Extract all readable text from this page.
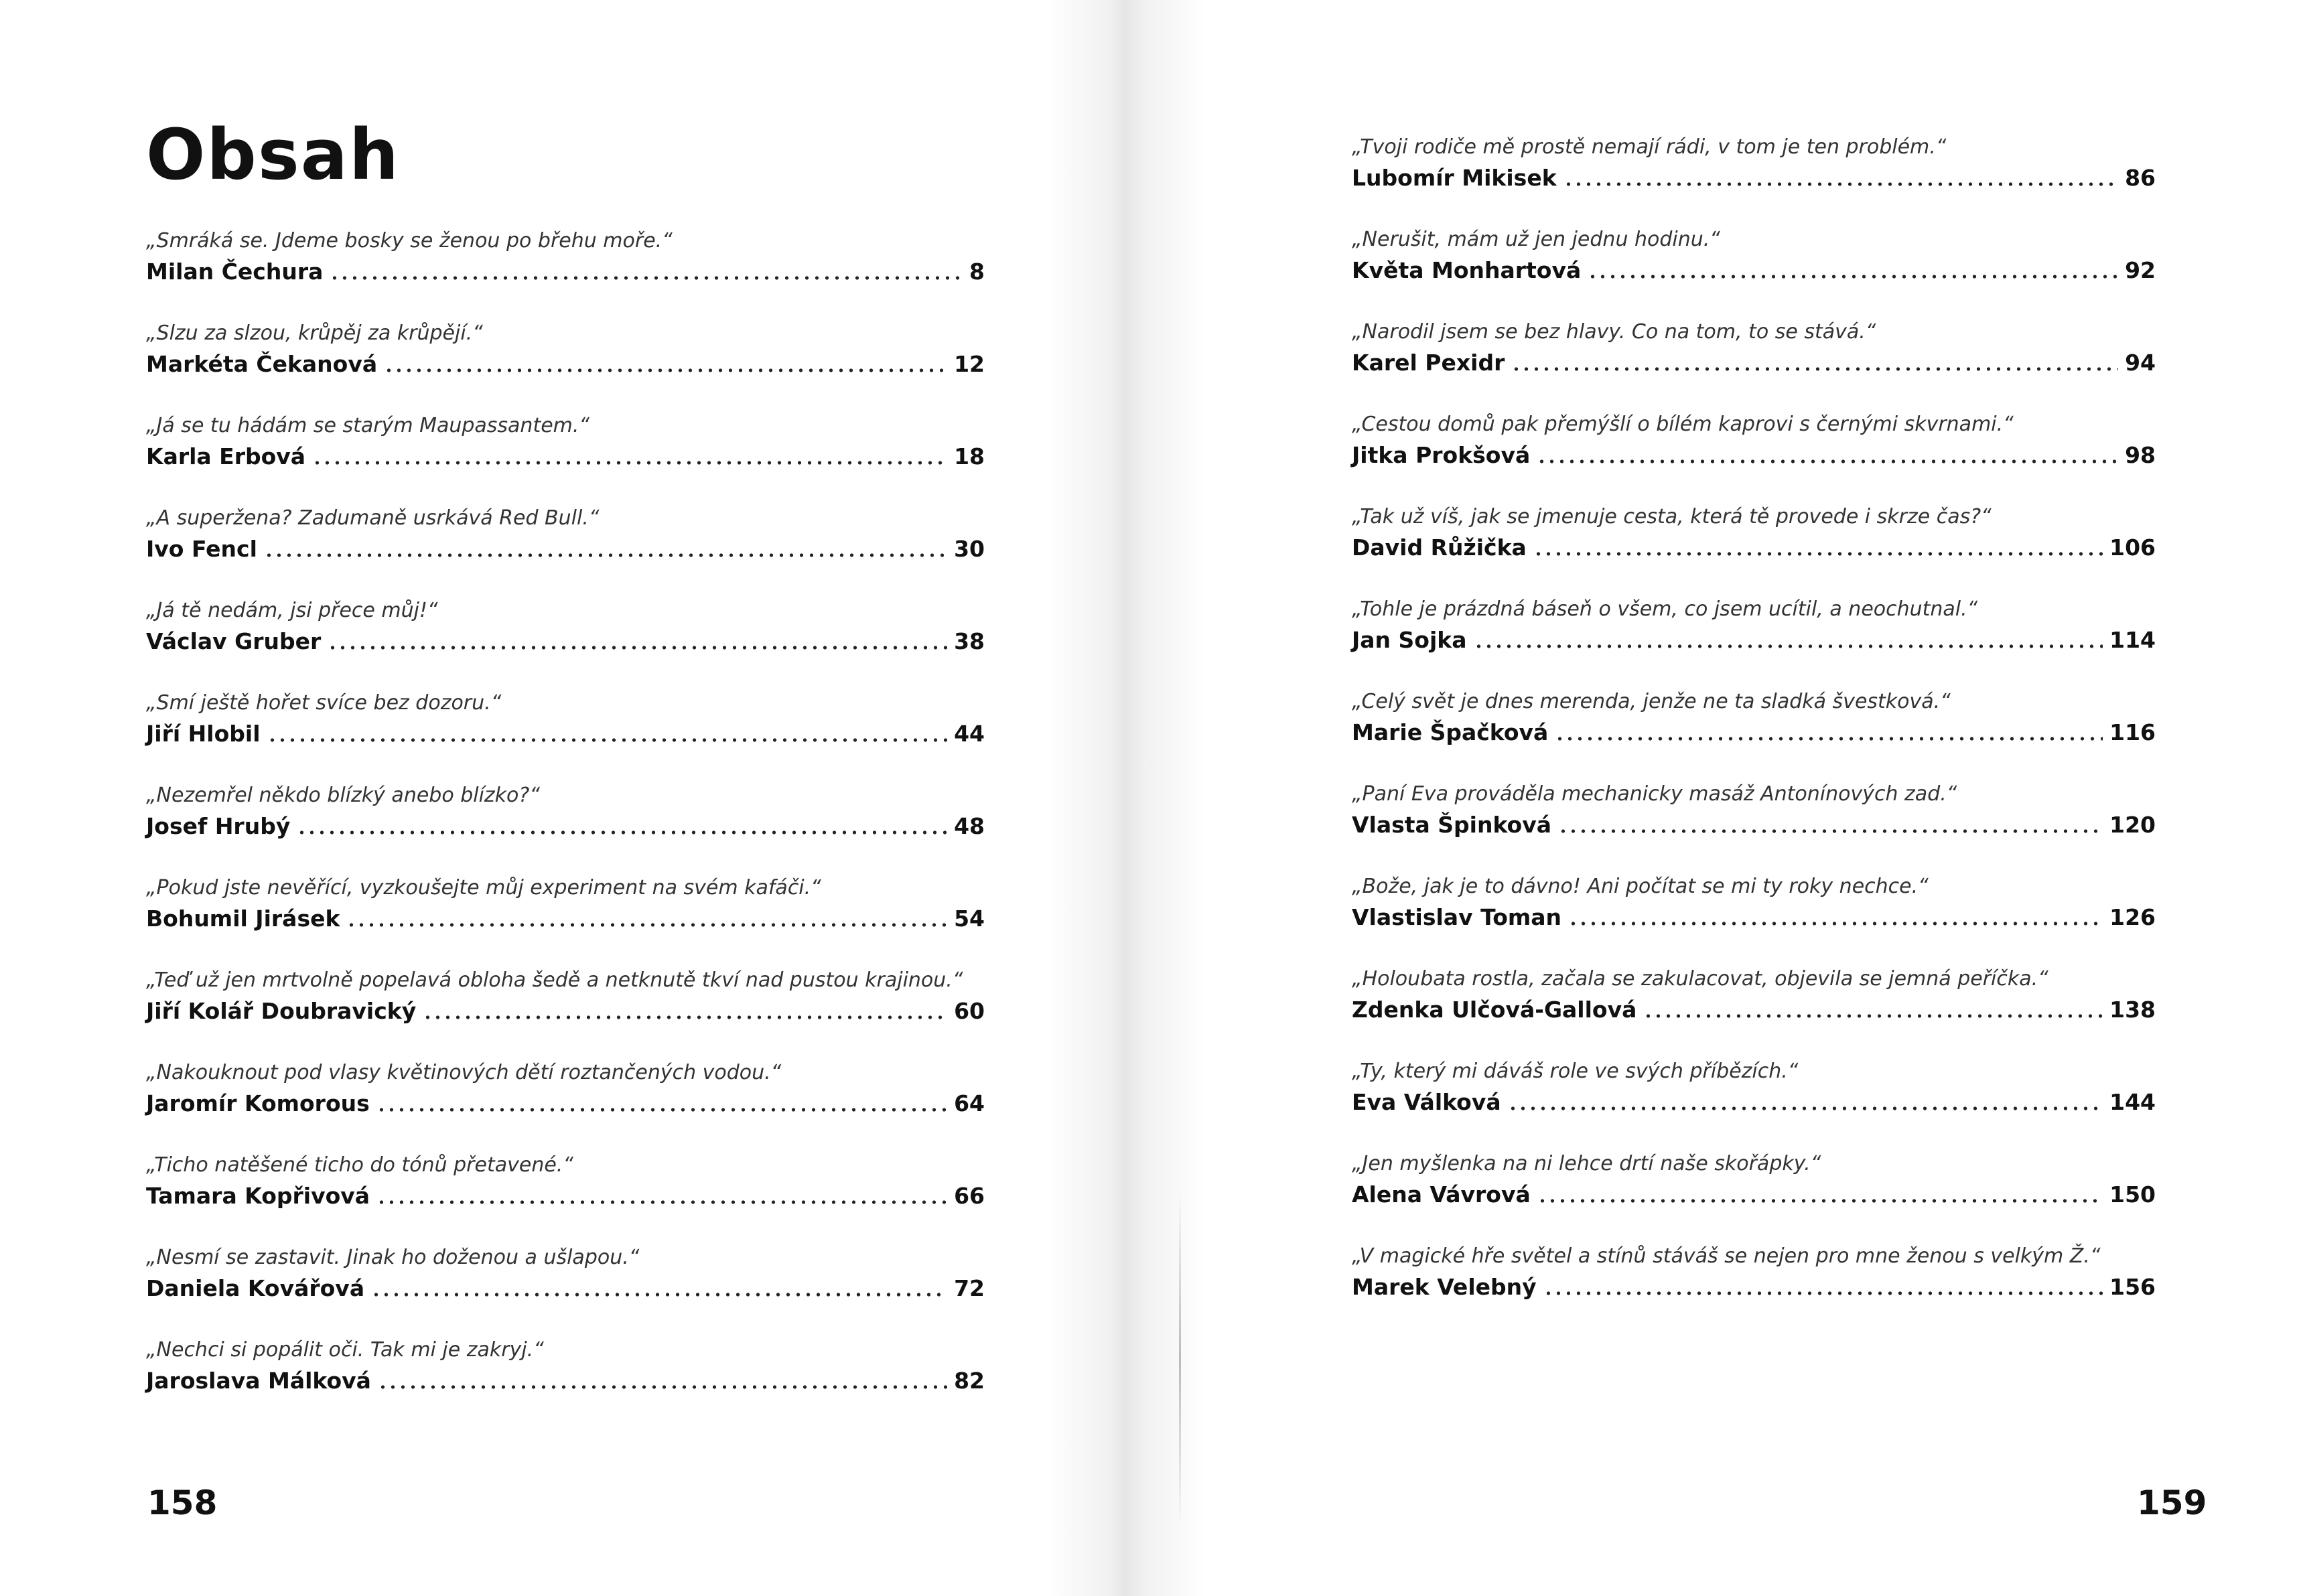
Obsah
„Smráká se. Jdeme bosky se ženou po břehu moře.“
Milan Čechura	8
„Slzu za slzou, krůpěj za krůpějí.“
Markéta Čekanová	12
„Já se tu hádám se starým Maupassantem.“
Karla Erbová	18
„A superžena? Zadumaně usrkává Red Bull.“
Ivo Fencl	30
„Já tě nedám, jsi přece můj!“
Václav Gruber	38
„Smí ještě hořet svíce bez dozoru.“
Jiří Hlobil	44
„Nezemřel někdo blízký anebo blízko?“
Josef Hrubý	48
„Pokud jste nevěřící, vyzkoušejte můj experiment na svém kafáči.“
Bohumil Jirásek	54
„Teď už jen mrtvolně popelavá obloha šedě a netknutě tkví nad pustou krajinou.“
Jiří Kolář Doubravický	60
„Nakouknout pod vlasy květinových dětí roztančených vodou.“
Jaromír Komorous	64
„Ticho natěšené ticho do tónů přetavené.“
Tamara Kopřivová	66
„Nesmí se zastavit. Jinak ho doženou a ušlapou.“
Daniela Kovářová	72
„Nechci si popálit oči. Tak mi je zakryj.“
Jaroslava Málková	82

158

„Tvoji rodiče mě prostě nemají rádi, v tom je ten problém.“
Lubomír Mikisek	86
„Nerušit, mám už jen jednu hodinu.“
Květa Monhartová	92
„Narodil jsem se bez hlavy. Co na tom, to se stává.“
Karel Pexidr	94
„Cestou domů pak přemýšlí o bílém kaprovi s černými skvrnami.“
Jitka Prokšová	98
„Tak už víš, jak se jmenuje cesta, která tě provede i skrze čas?“
David Růžička	106
„Tohle je prázdná báseň o všem, co jsem ucítil, a neochutnal.“
Jan Sojka	114
„Celý svět je dnes merenda, jenže ne ta sladká švestková.“
Marie Špačková	116
„Paní Eva prováděla mechanicky masáž Antonínových zad.“
Vlasta Špinková	120
„Bože, jak je to dávno! Ani počítat se mi ty roky nechce.“
Vlastislav Toman	126
„Holoubata rostla, začala se zakulacovat, objevila se jemná peříčka.“
Zdenka Ulčová-Gallová	138
„Ty, který mi dáváš role ve svých příbězích.“
Eva Válková	144
„Jen myšlenka na ni lehce drtí naše skořápky.“
Alena Vávrová	150
„V magické hře světel a stínů stáváš se nejen pro mne ženou s velkým Ž.“
Marek Velebný	156

159
